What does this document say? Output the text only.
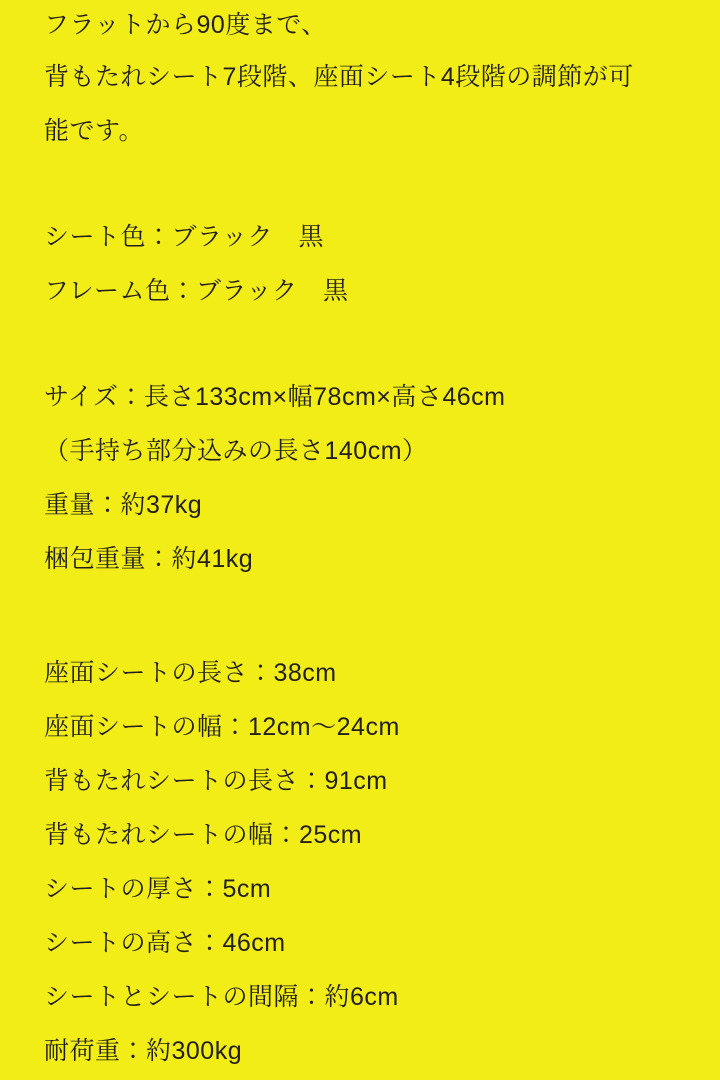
フラットから90度まで、
背もたれシート7段階、座面シート4段階の調節が可
能です。
シート色：ブラック　黒
フレーム色：ブラック　黒
サイズ：長さ133cm×幅78cm×高さ46cm
（手持ち部分込みの長さ140cm）
重量：約37kg
梱包重量：約41kg
座面シートの長さ：38cm
座面シートの幅：12cm〜24cm
背もたれシートの長さ：91cm
背もたれシートの幅：25cm
シートの厚さ：5cm
シートの高さ：46cm
シートとシートの間隔：約6cm
耐荷重：約300kg
